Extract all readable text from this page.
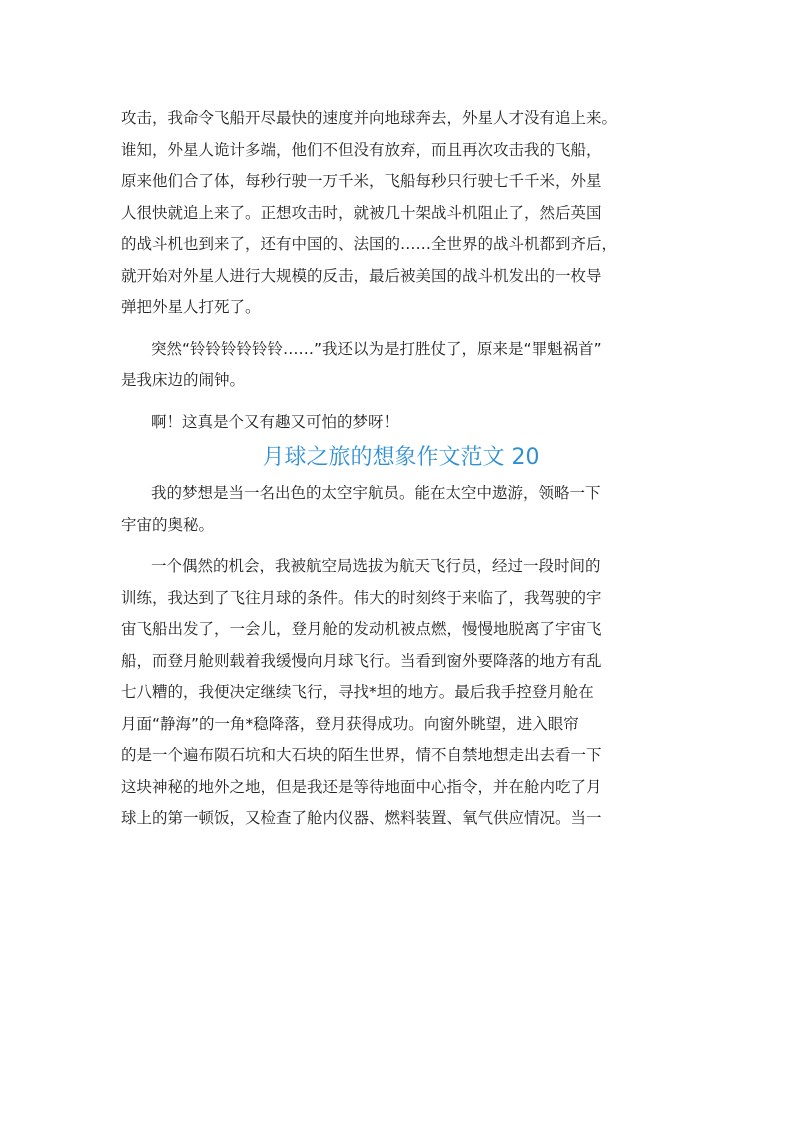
攻击，我命令飞船开尽最快的速度并向地球奔去，外星人才没有追上来。
谁知，外星人诡计多端，他们不但没有放弃，而且再次攻击我的飞船，
原来他们合了体，每秒行驶一万千米，飞船每秒只行驶七千千米，外星
人很快就追上来了。正想攻击时，就被几十架战斗机阻止了，然后英国
的战斗机也到来了，还有中国的、法国的……全世界的战斗机都到齐后，
就开始对外星人进行大规模的反击，最后被美国的战斗机发出的一枚导
弹把外星人打死了。
突然“铃铃铃铃铃铃……”我还以为是打胜仗了，原来是“罪魁祸首”
是我床边的闹钟。
啊！这真是个又有趣又可怕的梦呀！
月球之旅的想象作文范文 20
我的梦想是当一名出色的太空宇航员。能在太空中遨游，领略一下
宇宙的奥秘。
一个偶然的机会，我被航空局选拔为航天飞行员，经过一段时间的
训练，我达到了飞往月球的条件。伟大的时刻终于来临了，我驾驶的宇
宙飞船出发了，一会儿，登月舱的发动机被点燃，慢慢地脱离了宇宙飞
船，而登月舱则载着我缓慢向月球飞行。当看到窗外要降落的地方有乱
七八糟的，我便决定继续飞行，寻找*坦的地方。最后我手控登月舱在
月面“静海”的一角*稳降落，登月获得成功。向窗外眺望，进入眼帘
的是一个遍布陨石坑和大石块的陌生世界，情不自禁地想走出去看一下
这块神秘的地外之地，但是我还是等待地面中心指令，并在舱内吃了月
球上的第一顿饭，又检查了舱内仪器、燃料装置、氧气供应情况。当一
